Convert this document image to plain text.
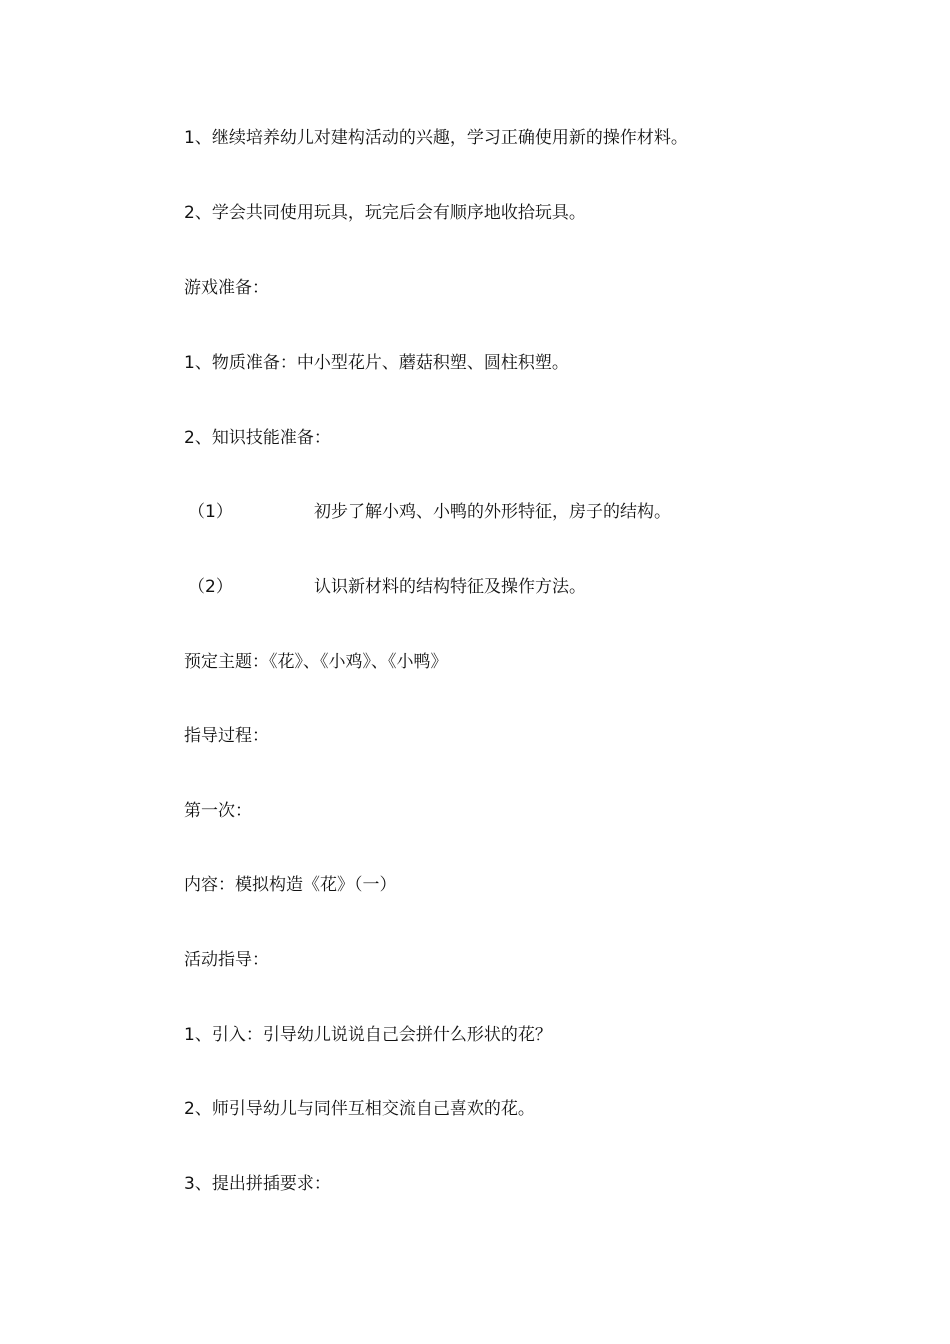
1、继续培养幼儿对建构活动的兴趣，学习正确使用新的操作材料。
2、学会共同使用玩具，玩完后会有顺序地收拾玩具。
游戏准备：
1、物质准备：中小型花片、蘑菇积塑、圆柱积塑。
2、知识技能准备：
（1）	初步了解小鸡、小鸭的外形特征，房子的结构。
（2）	认识新材料的结构特征及操作方法。
预定主题：《花》、《小鸡》、《小鸭》
指导过程：
第一次：
内容：模拟构造《花》（一）
活动指导：
1、引入：引导幼儿说说自己会拼什么形状的花？
2、师引导幼儿与同伴互相交流自己喜欢的花。
3、提出拼插要求：
